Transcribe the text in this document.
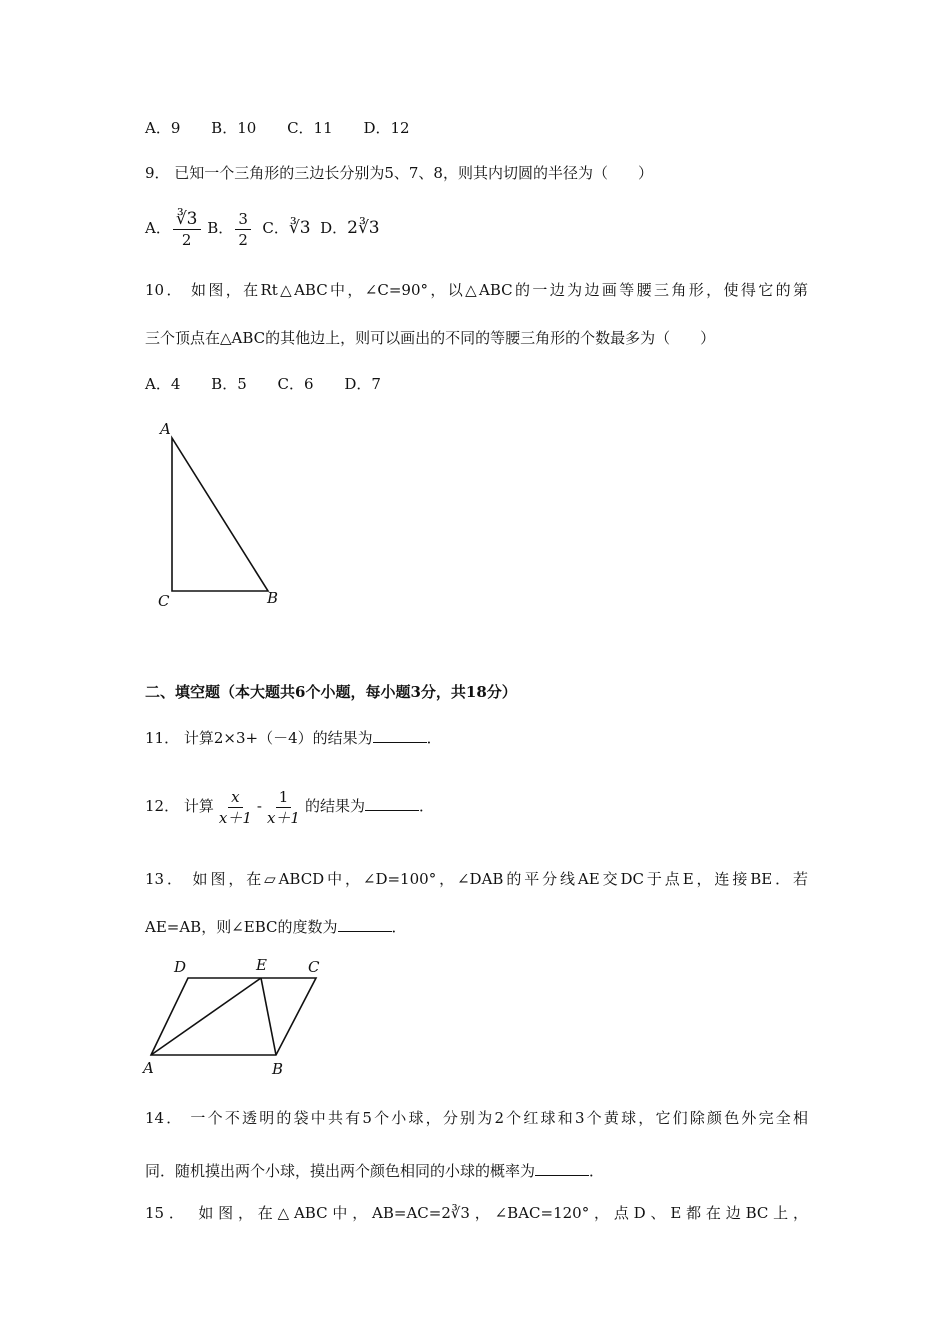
A．9 B．10 C．11 D．12
9． 已知一个三角形的三边长分别为5、7、8，则其内切圆的半径为（　　）
A． $\frac{∛3}{2}$ B． $\frac{3}{2}$ C．∛3 D．2∛3
10． 如图，在Rt△ABC中，∠C=90°，以△ABC的一边为边画等腰三角形，使得它的第
三个顶点在△ABC的其他边上，则可以画出的不同的等腰三角形的个数最多为（　　）
A．4 B．5 C．6 D．7
A
C	B
二、填空题（本大题共6个小题，每小题3分，共18分）
11． 计算2×3+（－4）的结果为	．
12． 计算 $\frac{x}{x+1} - \frac{1}{x+1}$ 的结果为	．
13． 如图，在▱ABCD中，∠D=100°，∠DAB的平分线AE交DC于点E，连接BE．若
AE=AB，则∠EBC的度数为	．
D	E	C
A	B
14． 一个不透明的袋中共有5个小球，分别为2个红球和3个黄球，它们除颜色外完全相
同．随机摸出两个小球，摸出两个颜色相同的小球的概率为	．
15． 如图，在△ABC中，AB=AC=2∛3，∠BAC=120°，点D、E都在边BC上，
